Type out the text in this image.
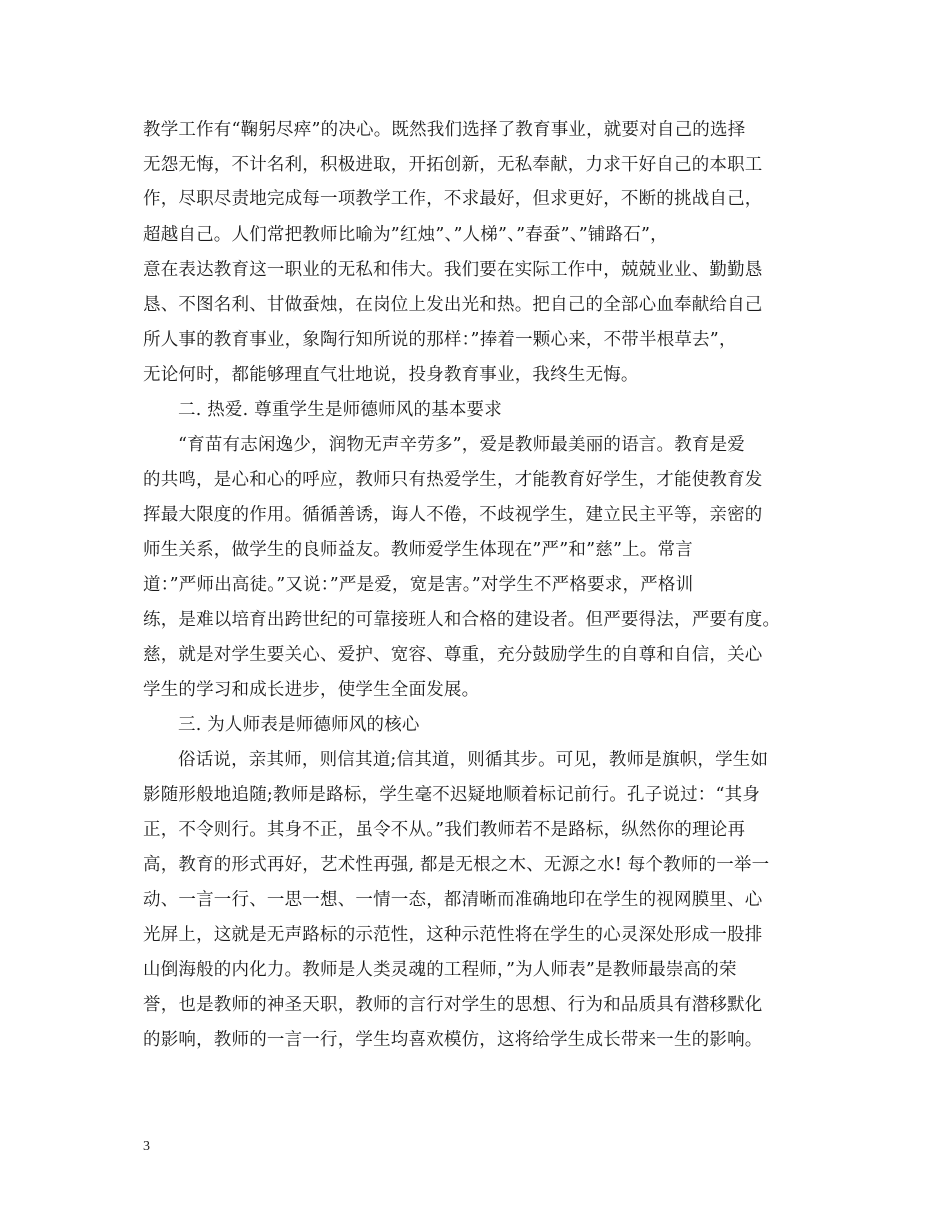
教学工作有“鞠躬尽瘁”的决心。既然我们选择了教育事业，就要对自己的选择
无怨无悔，不计名利，积极进取，开拓创新，无私奉献，力求干好自己的本职工
作，尽职尽责地完成每一项教学工作，不求最好，但求更好，不断的挑战自己，
超越自己。人们常把教师比喻为”红烛”、”人梯”、”春蚕”、”铺路石”，
意在表达教育这一职业的无私和伟大。我们要在实际工作中，兢兢业业、勤勤恳
恳、不图名利、甘做蚕烛，在岗位上发出光和热。把自己的全部心血奉献给自己
所人事的教育事业，象陶行知所说的那样：”捧着一颗心来，不带半根草去”，
无论何时，都能够理直气壮地说，投身教育事业，我终生无悔。
二. 热爱. 尊重学生是师德师风的基本要求
“育苗有志闲逸少，润物无声辛劳多”，爱是教师最美丽的语言。教育是爱
的共鸣，是心和心的呼应，教师只有热爱学生，才能教育好学生，才能使教育发
挥最大限度的作用。循循善诱，诲人不倦，不歧视学生，建立民主平等，亲密的
师生关系，做学生的良师益友。教师爱学生体现在”严”和”慈”上。常言
道：”严师出高徒。”又说：”严是爱，宽是害。”对学生不严格要求，严格训
练，是难以培育出跨世纪的可靠接班人和合格的建设者。但严要得法，严要有度。
慈，就是对学生要关心、爱护、宽容、尊重，充分鼓励学生的自尊和自信，关心
学生的学习和成长进步，使学生全面发展。
三. 为人师表是师德师风的核心
俗话说，亲其师，则信其道;信其道，则循其步。可见，教师是旗帜，学生如
影随形般地追随;教师是路标，学生毫不迟疑地顺着标记前行。孔子说过：“其身
正，不令则行。其身不正，虽令不从。”我们教师若不是路标，纵然你的理论再
高，教育的形式再好，艺术性再强, 都是无根之木、无源之水! 每个教师的一举一
动、一言一行、一思一想、一情一态，都清晰而准确地印在学生的视网膜里、心
光屏上，这就是无声路标的示范性，这种示范性将在学生的心灵深处形成一股排
山倒海般的内化力。教师是人类灵魂的工程师，”为人师表”是教师最崇高的荣
誉，也是教师的神圣天职，教师的言行对学生的思想、行为和品质具有潜移默化
的影响，教师的一言一行，学生均喜欢模仿，这将给学生成长带来一生的影响。
3
